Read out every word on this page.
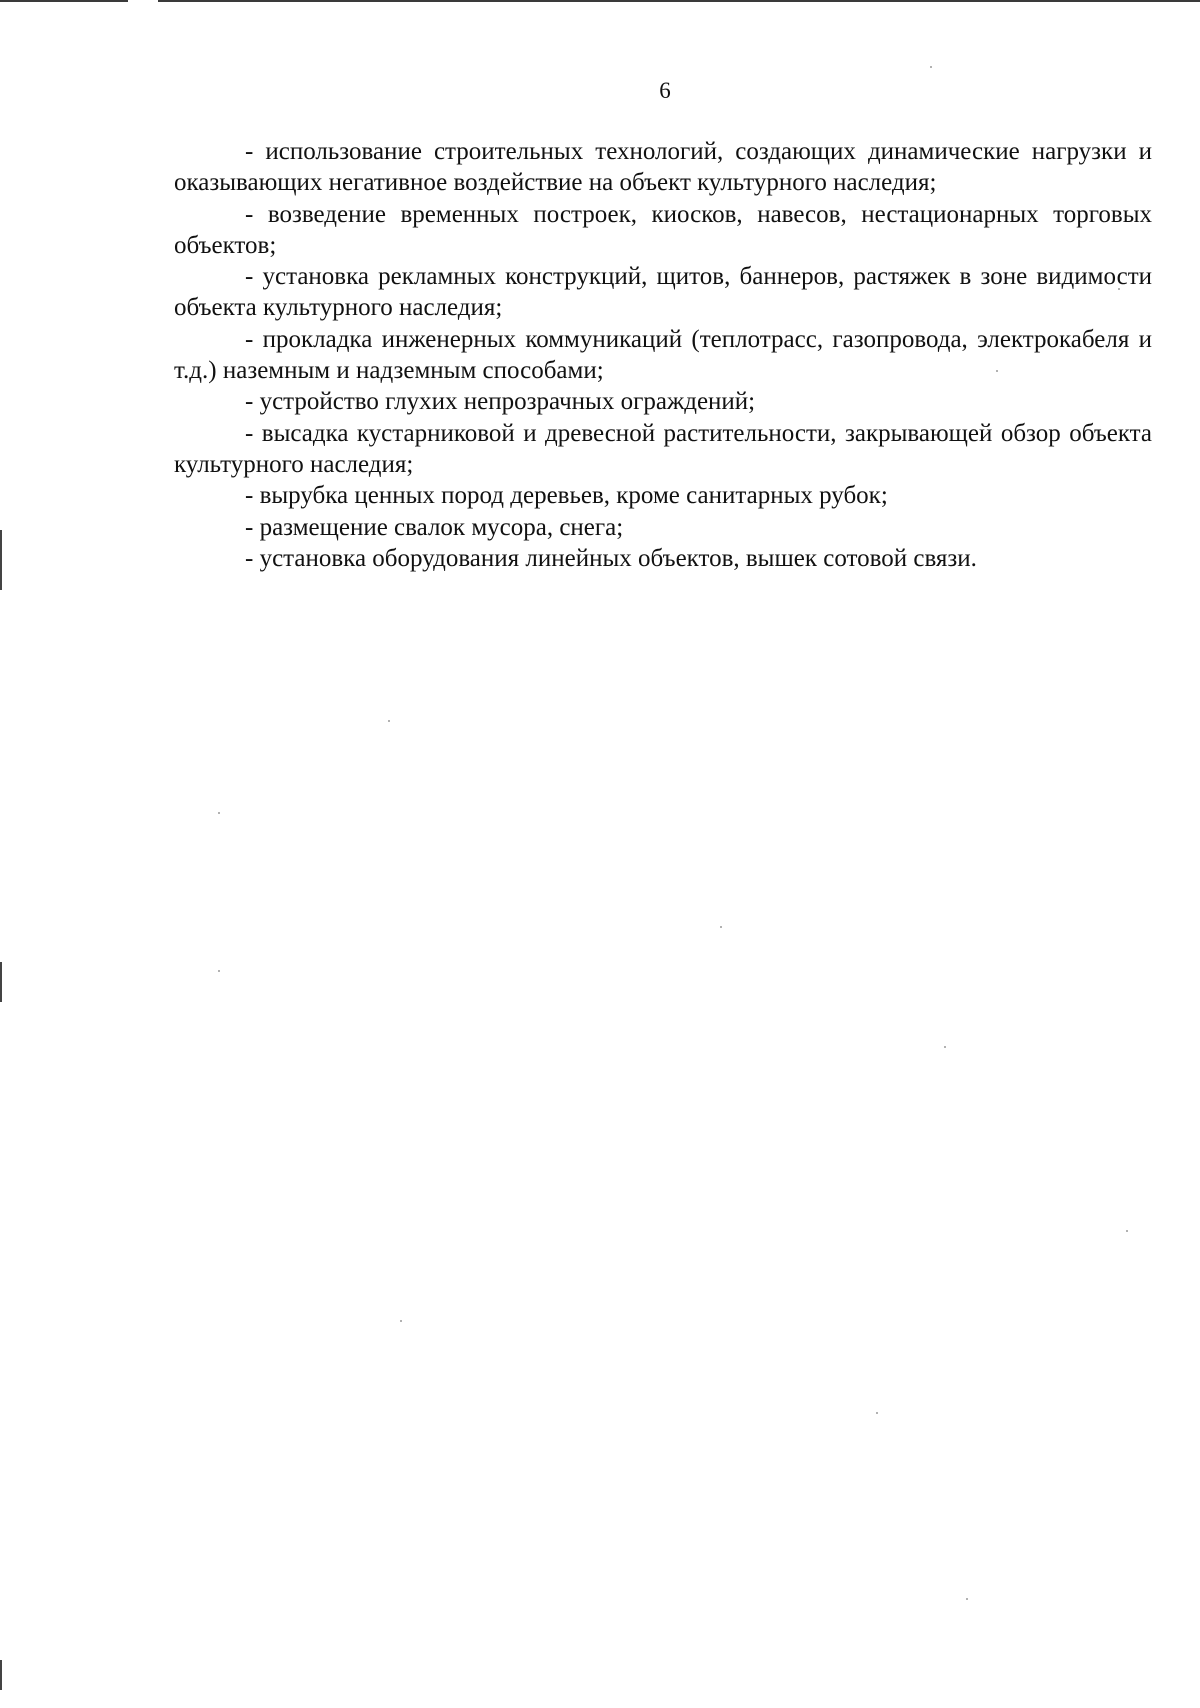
6

- использование строительных технологий, создающих динамические нагрузки и оказывающих негативное воздействие на объект культурного наследия;

- возведение временных построек, киосков, навесов, нестационарных торговых объектов;

- установка рекламных конструкций, щитов, баннеров, растяжек в зоне видимости объекта культурного наследия;

- прокладка инженерных коммуникаций (теплотрасс, газопровода, электрокабеля и т.д.) наземным и надземным способами;

- устройство глухих непрозрачных ограждений;

- высадка кустарниковой и древесной растительности, закрывающей обзор объекта культурного наследия;

- вырубка ценных пород деревьев, кроме санитарных рубок;

- размещение свалок мусора, снега;

- установка оборудования линейных объектов, вышек сотовой связи.
